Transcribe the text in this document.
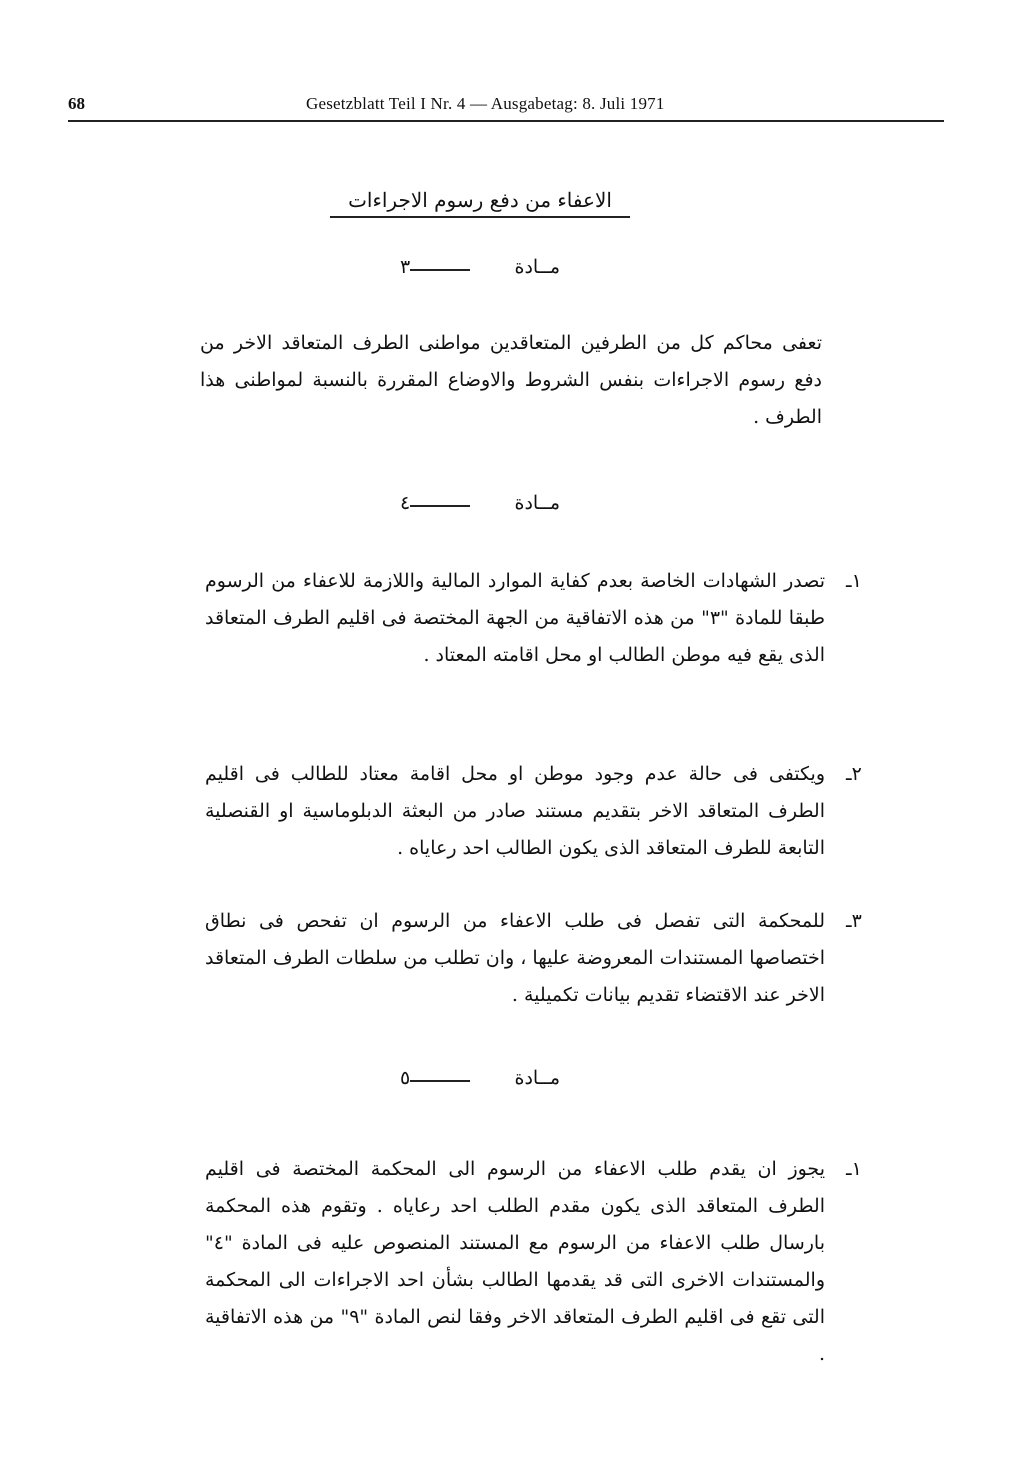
68	Gesetzblatt Teil I Nr. 4 — Ausgabetag: 8. Juli 1971
الاعفاء من دفع رسوم الاجراءات
مــادة
٣
تعفى محاكم كل من الطرفين المتعاقدين مواطنى الطرف المتعاقد الاخر من دفع رسوم الاجراءات بنفس الشروط والاوضاع المقررة بالنسبة لمواطنى هذا الطرف .
مــادة
٤
١ـ
تصدر الشهادات الخاصة بعدم كفاية الموارد المالية واللازمة للاعفاء من الرسوم طبقا للمادة "٣" من هذه الاتفاقية من الجهة المختصة فى اقليم الطرف المتعاقد الذى يقع فيه موطن الطالب او محل اقامته المعتاد .
٢ـ
ويكتفى فى حالة عدم وجود موطن او محل اقامة معتاد للطالب فى اقليم الطرف المتعاقد الاخر بتقديم مستند صادر من البعثة الدبلوماسية او القنصلية التابعة للطرف المتعاقد الذى يكون الطالب احد رعاياه .
٣ـ
للمحكمة التى تفصل فى طلب الاعفاء من الرسوم ان تفحص فى نطاق اختصاصها المستندات المعروضة عليها ، وان تطلب من سلطات الطرف المتعاقد الاخر عند الاقتضاء تقديم بيانات تكميلية .
مــادة
٥
١ـ
يجوز ان يقدم طلب الاعفاء من الرسوم الى المحكمة المختصة فى اقليم الطرف المتعاقد الذى يكون مقدم الطلب احد رعاياه . وتقوم هذه المحكمة بارسال طلب الاعفاء من الرسوم مع المستند المنصوص عليه فى المادة "٤" والمستندات الاخرى التى قد يقدمها الطالب بشأن احد الاجراءات الى المحكمة التى تقع فى اقليم الطرف المتعاقد الاخر وفقا لنص المادة "٩" من هذه الاتفاقية .
